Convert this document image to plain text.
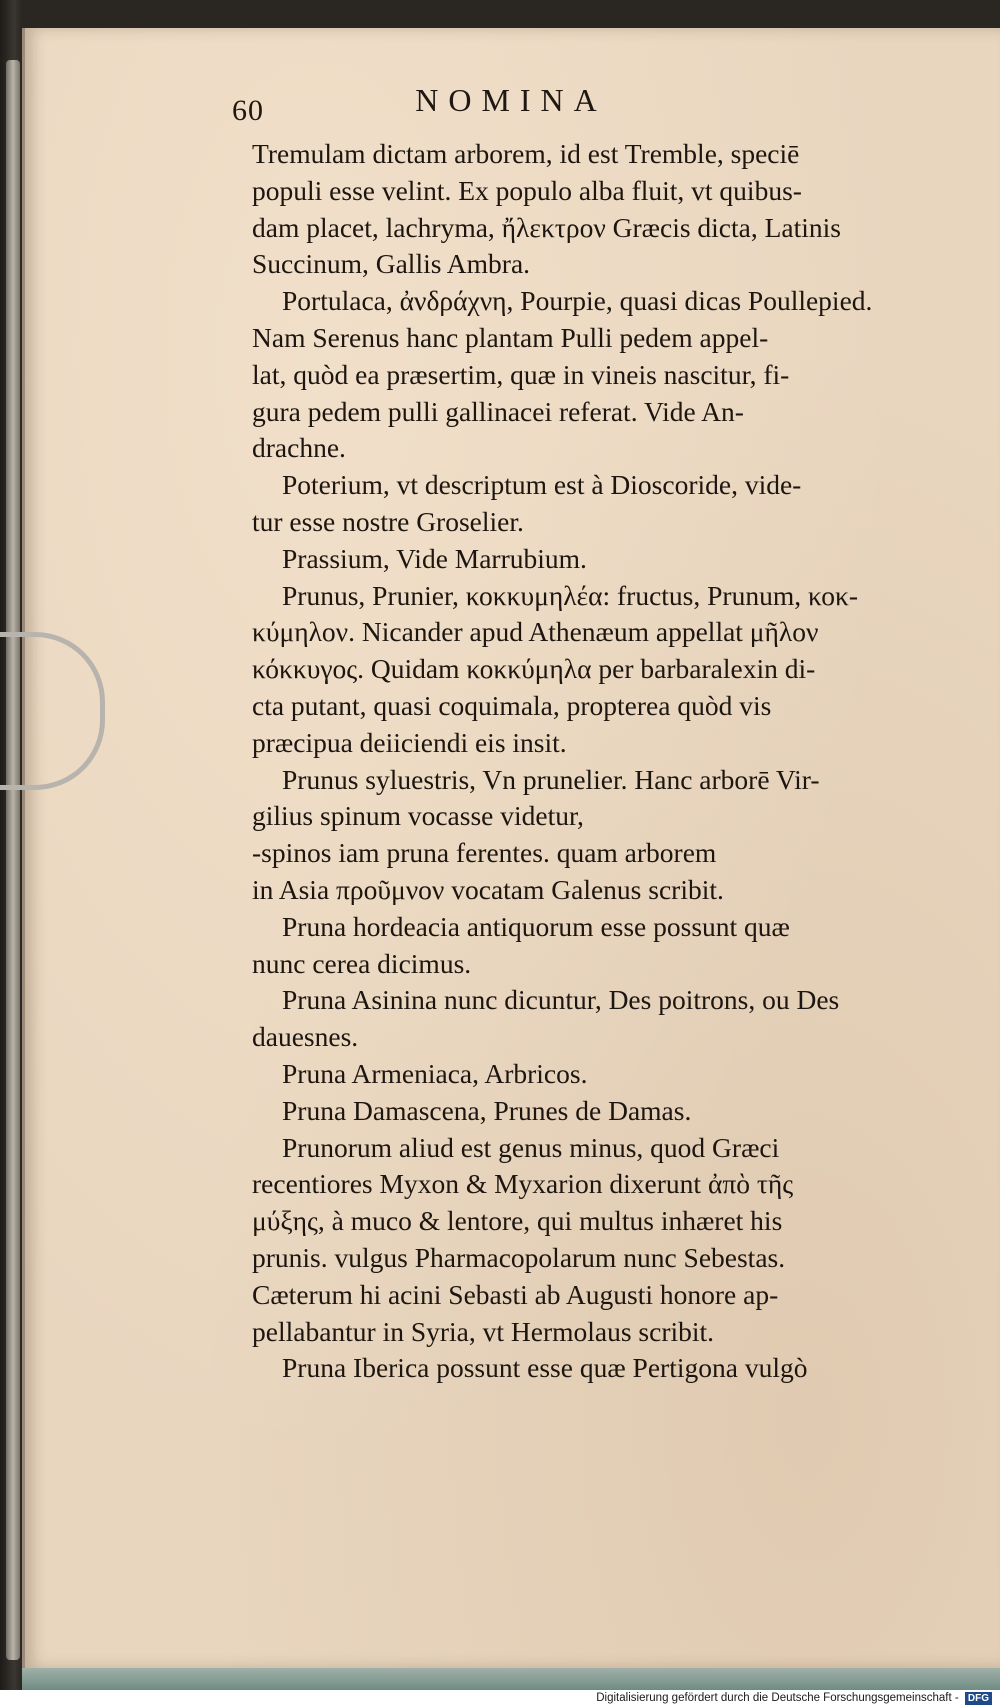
NOMINA
60
Tremulam dictam arborem, id est Tremble, speciē
populi esse velint. Ex populo alba fluit, vt quibus-
dam placet, lachryma, ἤλεκτρον Græcis dicta, Latinis
Succinum, Gallis Ambra.
Portulaca, ἀνδράχνη, Pourpie, quasi dicas Poullepied.
Nam Serenus hanc plantam Pulli pedem appel-
lat, quòd ea præsertim, quæ in vineis nascitur, fi-
gura pedem pulli gallinacei referat. Vide An-
drachne.
Poterium, vt descriptum est à Dioscoride, vide-
tur esse nostre Groselier.
Prassium, Vide Marrubium.
Prunus, Prunier, κοκκυμηλέα: fructus, Prunum, κοκ-
κύμηλον. Nicander apud Athenæum appellat μῆλον
κόκκυγος. Quidam κοκκύμηλα per barbaralexin di-
cta putant, quasi coquimala, propterea quòd vis
præcipua deiiciendi eis insit.
Prunus syluestris, Vn prunelier. Hanc arborē Vir-
gilius spinum vocasse videtur,
-spinos iam pruna ferentes. quam arborem
in Asia προῦμνον vocatam Galenus scribit.
Pruna hordeacia antiquorum esse possunt quæ
nunc cerea dicimus.
Pruna Asinina nunc dicuntur, Des poitrons, ou Des
dauesnes.
Pruna Armeniaca, Arbricos.
Pruna Damascena, Prunes de Damas.
Prunorum aliud est genus minus, quod Græci
recentiores Myxon & Myxarion dixerunt ἀπὸ τῆς
μύξης, à muco & lentore, qui multus inhæret his
prunis. vulgus Pharmacopolarum nunc Sebestas.
Cæterum hi acini Sebasti ab Augusti honore ap-
pellabantur in Syria, vt Hermolaus scribit.
Pruna Iberica possunt esse quæ Pertigona vulgò
Digitalisierung gefördert durch die Deutsche Forschungsgemeinschaft - DFG
